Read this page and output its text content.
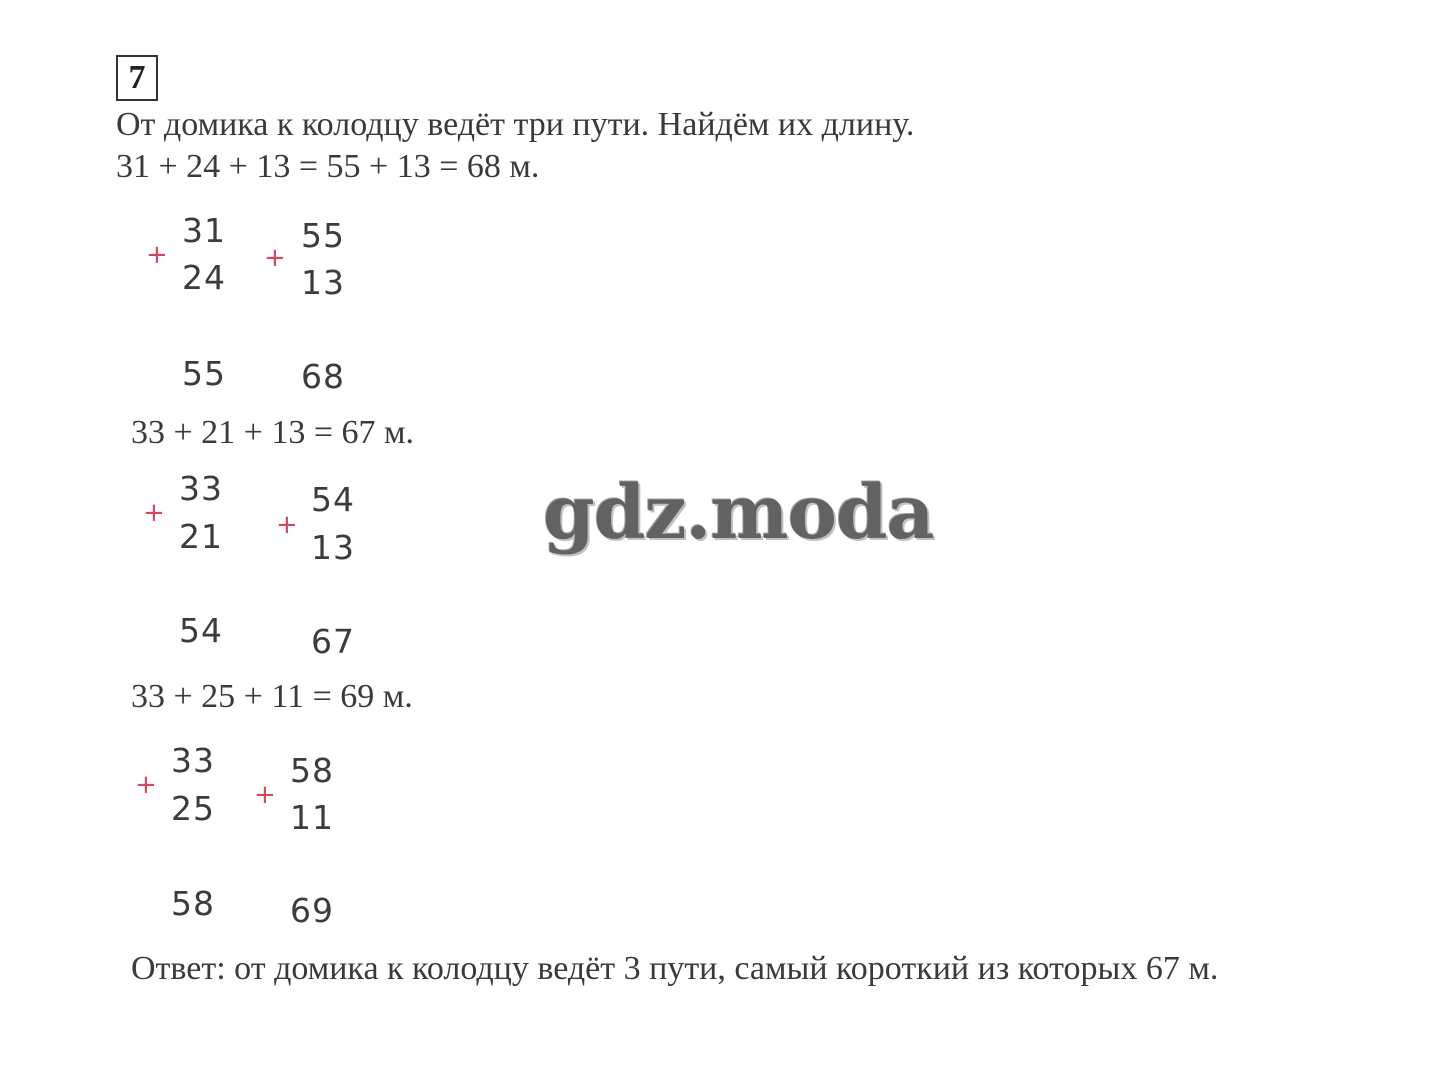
7
От домика к колодцу ведёт три пути. Найдём их длину.
31 + 24 + 13 = 55 + 13 = 68 м.
+
31
24
55
+
55
13
68
33 + 21 + 13 = 67 м.
+
33
21
54
+
54
13
67
33 + 25 + 11 = 69 м.
+
33
25
58
+
58
11
69
Ответ: от домика к колодцу ведёт 3 пути, самый короткий из которых 67 м.
gdz.moda
